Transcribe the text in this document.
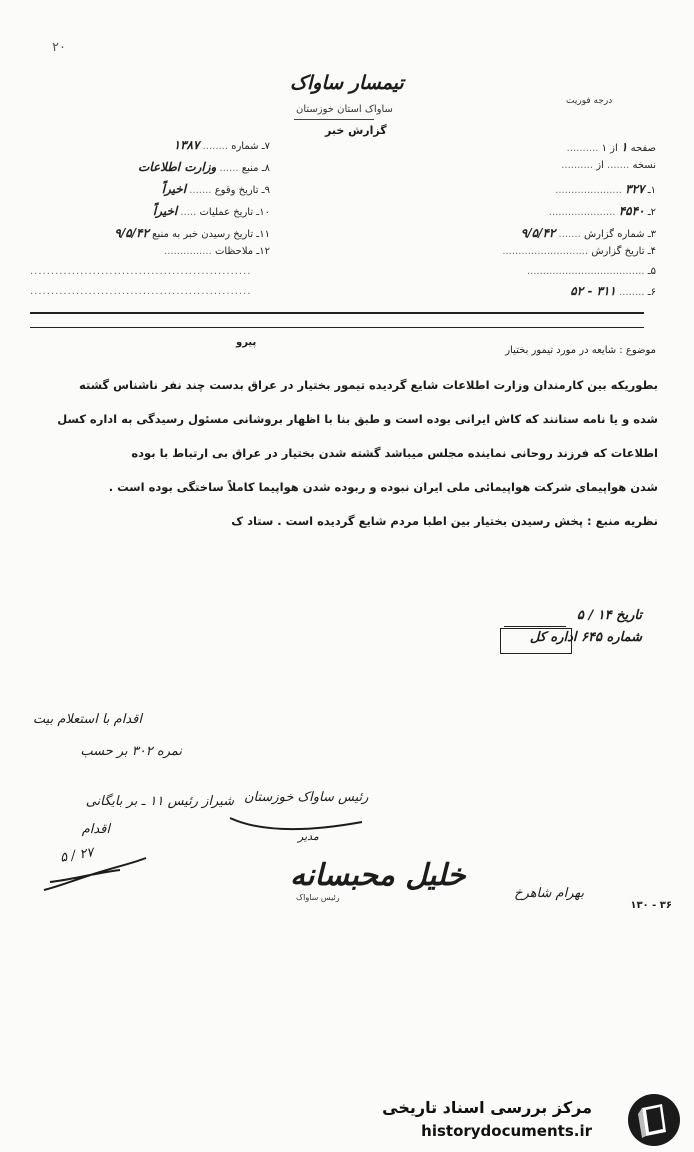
۲۰
تیمسار ساواک
ساواک استان خوزستان
گزارش خبر
درجه فوریت
۷ـ شماره ........ ۱۳۸۷
۸ـ منبع ...... وزارت اطلاعات
۹ـ تاریخ وقوع ....... اخیراً
۱۰ـ تاریخ عملیات ..... اخیراً
۱۱ـ تاریخ رسیدن خبر به منبع ۹/۵/۴۲
۱۲ـ ملاحظات ...............
.....................................................
.....................................................
صفحه ۱ از ۱ ..........
نسخه ....... از ..........
۱ـ ۳۲۷ .....................
۲ـ ۴۵۴۰ .....................
۳ـ شماره گزارش ....... ۹/۵/۴۲
۴ـ تاریخ گزارش ...........................
۵ـ .....................................
۶ـ ........ ۳۱۱ - ۵۲
موضوع : شایعه در مورد تیمور بختیار
پیرو
بطوریکه بین کارمندان وزارت اطلاعات شایع گردیده تیمور بختیار در عراق بدست چند نفر ناشناس گشته
شده و یا نامه ستانند که کاش ایرانی بوده است و طبق بنا با اظهار بروشانی مسئول رسیدگی به اداره کسل
اطلاعات که فرزند روحانی نماینده مجلس میباشد گشته شدن بختیار در عراق بی ارتباط با بوده
شدن هواپیمای شرکت هواپیمائی ملی ایران نبوده و ربوده شدن هواپیما کاملاً ساختگی بوده است .
نظریه منبع : پخش رسیدن بختیار بین اطبا مردم شایع گردیده است . ستاد ک
تاریخ ۱۴ / ۵
شماره ۶۴۵ اداره کل
اقدام با استعلام بیت
نمره ۳۰۲ بر حسب
شیراز رئیس ۱۱ ـ بر بایگانی
اقدام
۲۷ / ۵
رئیس ساواک خوزستان
مدیر
خلیل محبسانه
رئیس ساواک	بهرام شاهرخ
۳۶ - ۱۳۰
مرکز بررسی اسناد تاریخی
historydocuments.ir
